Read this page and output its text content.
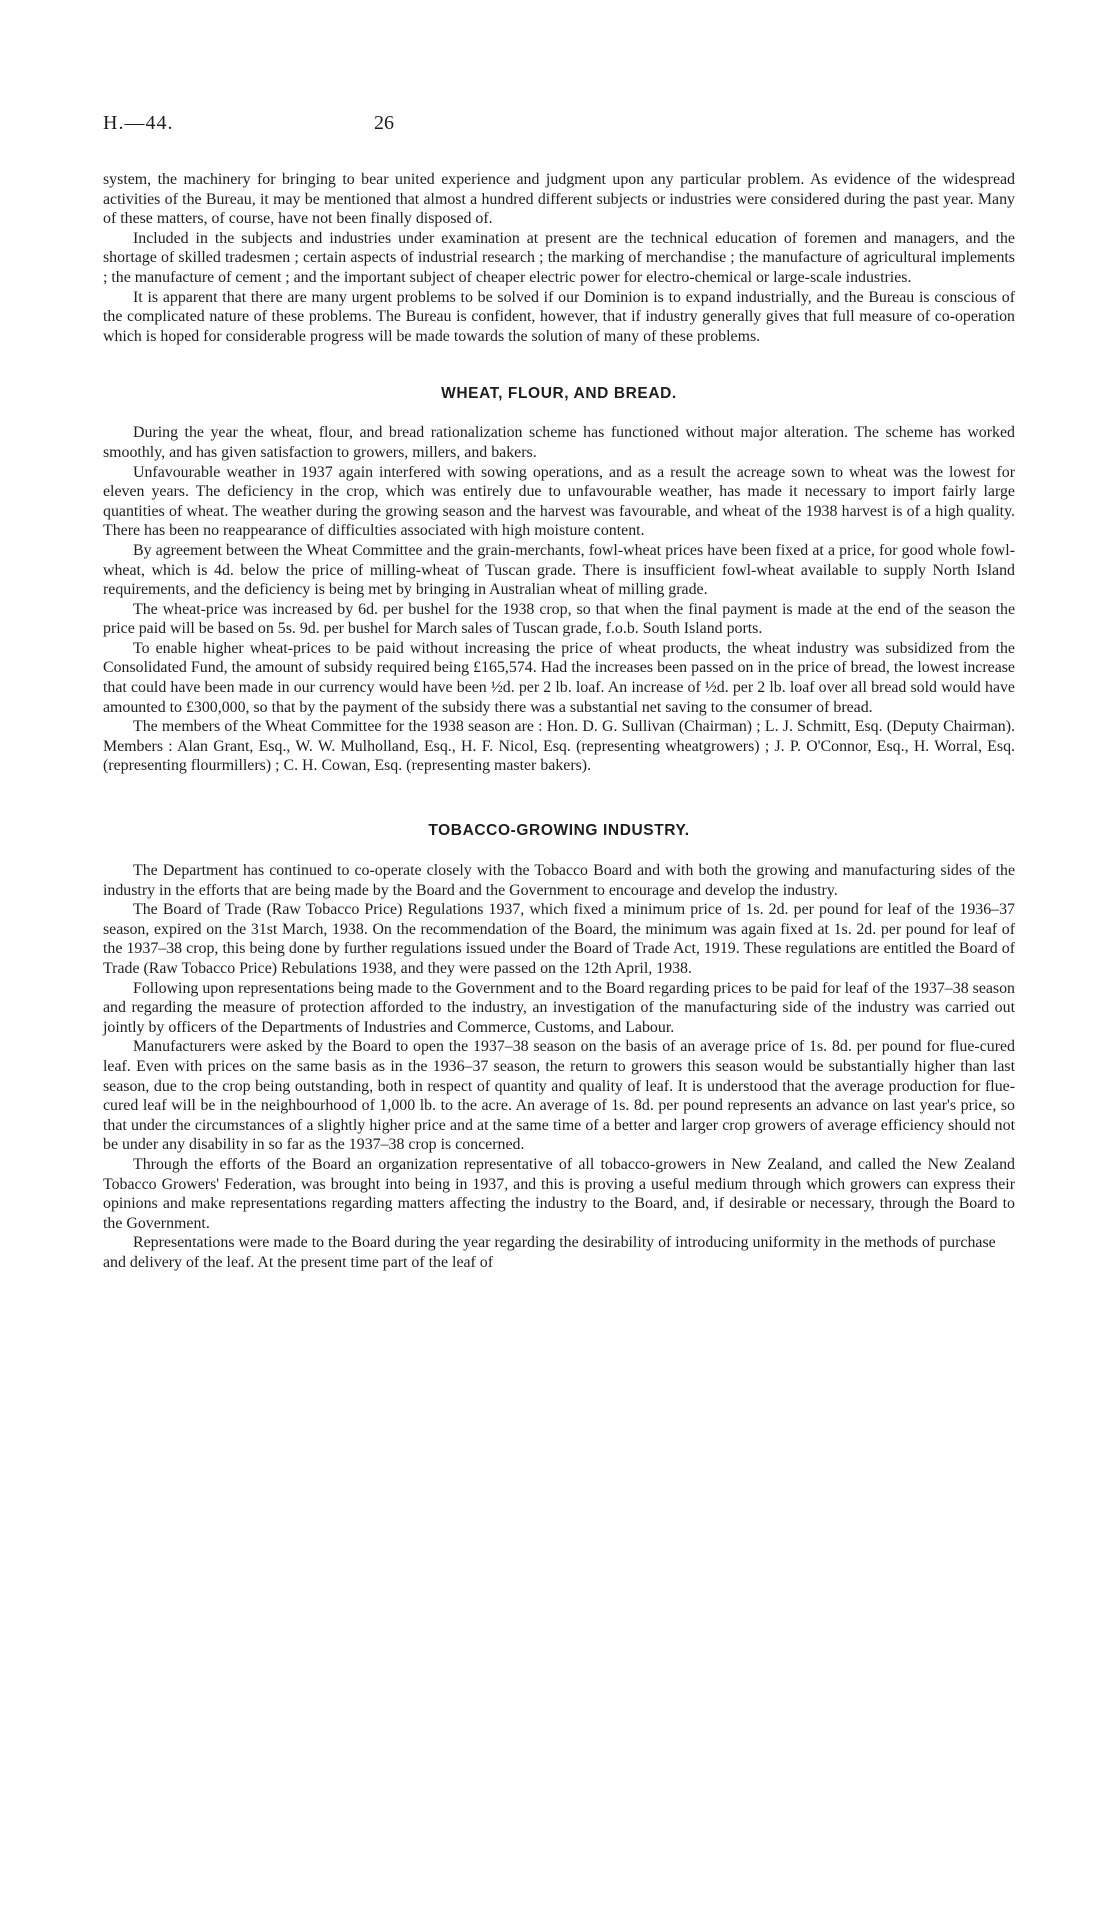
H.—44.	26

system, the machinery for bringing to bear united experience and judgment upon any particular problem. As evidence of the widespread activities of the Bureau, it may be mentioned that almost a hundred different subjects or industries were considered during the past year. Many of these matters, of course, have not been finally disposed of.

Included in the subjects and industries under examination at present are the technical education of foremen and managers, and the shortage of skilled tradesmen ; certain aspects of industrial research ; the marking of merchandise ; the manufacture of agricultural implements ; the manufacture of cement ; and the important subject of cheaper electric power for electro-chemical or large-scale industries.

It is apparent that there are many urgent problems to be solved if our Dominion is to expand industrially, and the Bureau is conscious of the complicated nature of these problems. The Bureau is confident, however, that if industry generally gives that full measure of co-operation which is hoped for considerable progress will be made towards the solution of many of these problems.

WHEAT, FLOUR, AND BREAD.

During the year the wheat, flour, and bread rationalization scheme has functioned without major alteration. The scheme has worked smoothly, and has given satisfaction to growers, millers, and bakers.

Unfavourable weather in 1937 again interfered with sowing operations, and as a result the acreage sown to wheat was the lowest for eleven years. The deficiency in the crop, which was entirely due to unfavourable weather, has made it necessary to import fairly large quantities of wheat. The weather during the growing season and the harvest was favourable, and wheat of the 1938 harvest is of a high quality. There has been no reappearance of difficulties associated with high moisture content.

By agreement between the Wheat Committee and the grain-merchants, fowl-wheat prices have been fixed at a price, for good whole fowl-wheat, which is 4d. below the price of milling-wheat of Tuscan grade. There is insufficient fowl-wheat available to supply North Island requirements, and the deficiency is being met by bringing in Australian wheat of milling grade.

The wheat-price was increased by 6d. per bushel for the 1938 crop, so that when the final payment is made at the end of the season the price paid will be based on 5s. 9d. per bushel for March sales of Tuscan grade, f.o.b. South Island ports.

To enable higher wheat-prices to be paid without increasing the price of wheat products, the wheat industry was subsidized from the Consolidated Fund, the amount of subsidy required being £165,574. Had the increases been passed on in the price of bread, the lowest increase that could have been made in our currency would have been ½d. per 2 lb. loaf. An increase of ½d. per 2 lb. loaf over all bread sold would have amounted to £300,000, so that by the payment of the subsidy there was a substantial net saving to the consumer of bread.

The members of the Wheat Committee for the 1938 season are : Hon. D. G. Sullivan (Chairman) ; L. J. Schmitt, Esq. (Deputy Chairman). Members : Alan Grant, Esq., W. W. Mulholland, Esq., H. F. Nicol, Esq. (representing wheatgrowers) ; J. P. O'Connor, Esq., H. Worral, Esq. (representing flourmillers) ; C. H. Cowan, Esq. (representing master bakers).

TOBACCO-GROWING INDUSTRY.

The Department has continued to co-operate closely with the Tobacco Board and with both the growing and manufacturing sides of the industry in the efforts that are being made by the Board and the Government to encourage and develop the industry.

The Board of Trade (Raw Tobacco Price) Regulations 1937, which fixed a minimum price of 1s. 2d. per pound for leaf of the 1936–37 season, expired on the 31st March, 1938. On the recommendation of the Board, the minimum was again fixed at 1s. 2d. per pound for leaf of the 1937–38 crop, this being done by further regulations issued under the Board of Trade Act, 1919. These regulations are entitled the Board of Trade (Raw Tobacco Price) Rebulations 1938, and they were passed on the 12th April, 1938.

Following upon representations being made to the Government and to the Board regarding prices to be paid for leaf of the 1937–38 season and regarding the measure of protection afforded to the industry, an investigation of the manufacturing side of the industry was carried out jointly by officers of the Departments of Industries and Commerce, Customs, and Labour.

Manufacturers were asked by the Board to open the 1937–38 season on the basis of an average price of 1s. 8d. per pound for flue-cured leaf. Even with prices on the same basis as in the 1936–37 season, the return to growers this season would be substantially higher than last season, due to the crop being outstanding, both in respect of quantity and quality of leaf. It is understood that the average production for flue-cured leaf will be in the neighbourhood of 1,000 lb. to the acre. An average of 1s. 8d. per pound represents an advance on last year's price, so that under the circumstances of a slightly higher price and at the same time of a better and larger crop growers of average efficiency should not be under any disability in so far as the 1937–38 crop is concerned.

Through the efforts of the Board an organization representative of all tobacco-growers in New Zealand, and called the New Zealand Tobacco Growers' Federation, was brought into being in 1937, and this is proving a useful medium through which growers can express their opinions and make representations regarding matters affecting the industry to the Board, and, if desirable or necessary, through the Board to the Government.

Representations were made to the Board during the year regarding the desirability of introducing uniformity in the methods of purchase and delivery of the leaf. At the present time part of the leaf of
